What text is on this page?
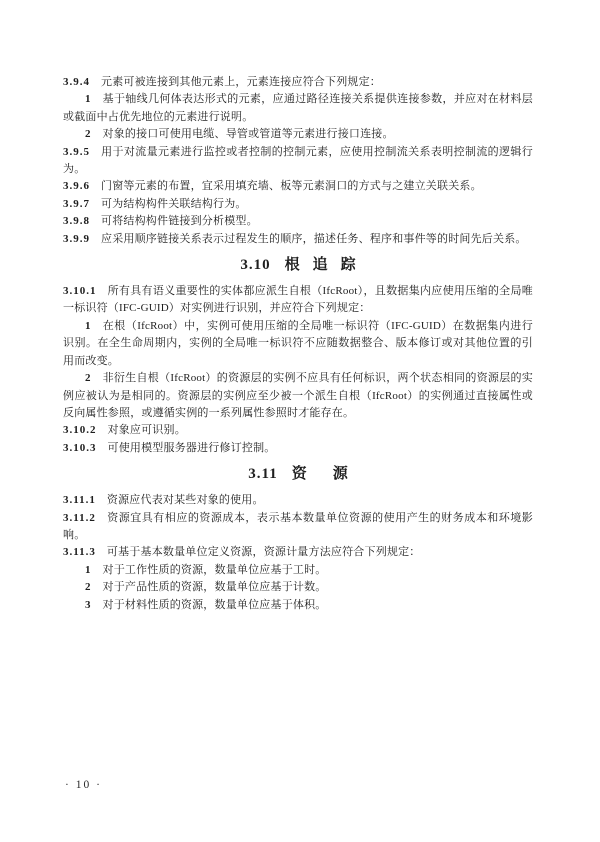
3.9.4 元素可被连接到其他元素上，元素连接应符合下列规定：

1 基于轴线几何体表达形式的元素，应通过路径连接关系提供连接参数，并应对在材料层或截面中占优先地位的元素进行说明。

2 对象的接口可使用电缆、导管或管道等元素进行接口连接。

3.9.5 用于对流量元素进行监控或者控制的控制元素，应使用控制流关系表明控制流的逻辑行为。

3.9.6 门窗等元素的布置，宜采用填充墙、板等元素洞口的方式与之建立关联关系。

3.9.7 可为结构构件关联结构行为。

3.9.8 可将结构构件链接到分析模型。

3.9.9 应采用顺序链接关系表示过程发生的顺序，描述任务、程序和事件等的时间先后关系。

3.10 根追踪

3.10.1 所有具有语义重要性的实体都应派生自根（IfcRoot），且数据集内应使用压缩的全局唯一标识符（IFC-GUID）对实例进行识别，并应符合下列规定：

1 在根（IfcRoot）中，实例可使用压缩的全局唯一标识符（IFC-GUID）在数据集内进行识别。在全生命周期内，实例的全局唯一标识符不应随数据整合、版本修订或对其他位置的引用而改变。

2 非衍生自根（IfcRoot）的资源层的实例不应具有任何标识，两个状态相同的资源层的实例应被认为是相同的。资源层的实例应至少被一个派生自根（IfcRoot）的实例通过直接属性或反向属性参照，或遵循实例的一系列属性参照时才能存在。

3.10.2 对象应可识别。

3.10.3 可使用模型服务器进行修订控制。

3.11 资源

3.11.1 资源应代表对某些对象的使用。

3.11.2 资源宜具有相应的资源成本，表示基本数量单位资源的使用产生的财务成本和环境影响。

3.11.3 可基于基本数量单位定义资源，资源计量方法应符合下列规定：

1 对于工作性质的资源，数量单位应基于工时。

2 对于产品性质的资源，数量单位应基于计数。

3 对于材料性质的资源，数量单位应基于体积。

· 10 ·
